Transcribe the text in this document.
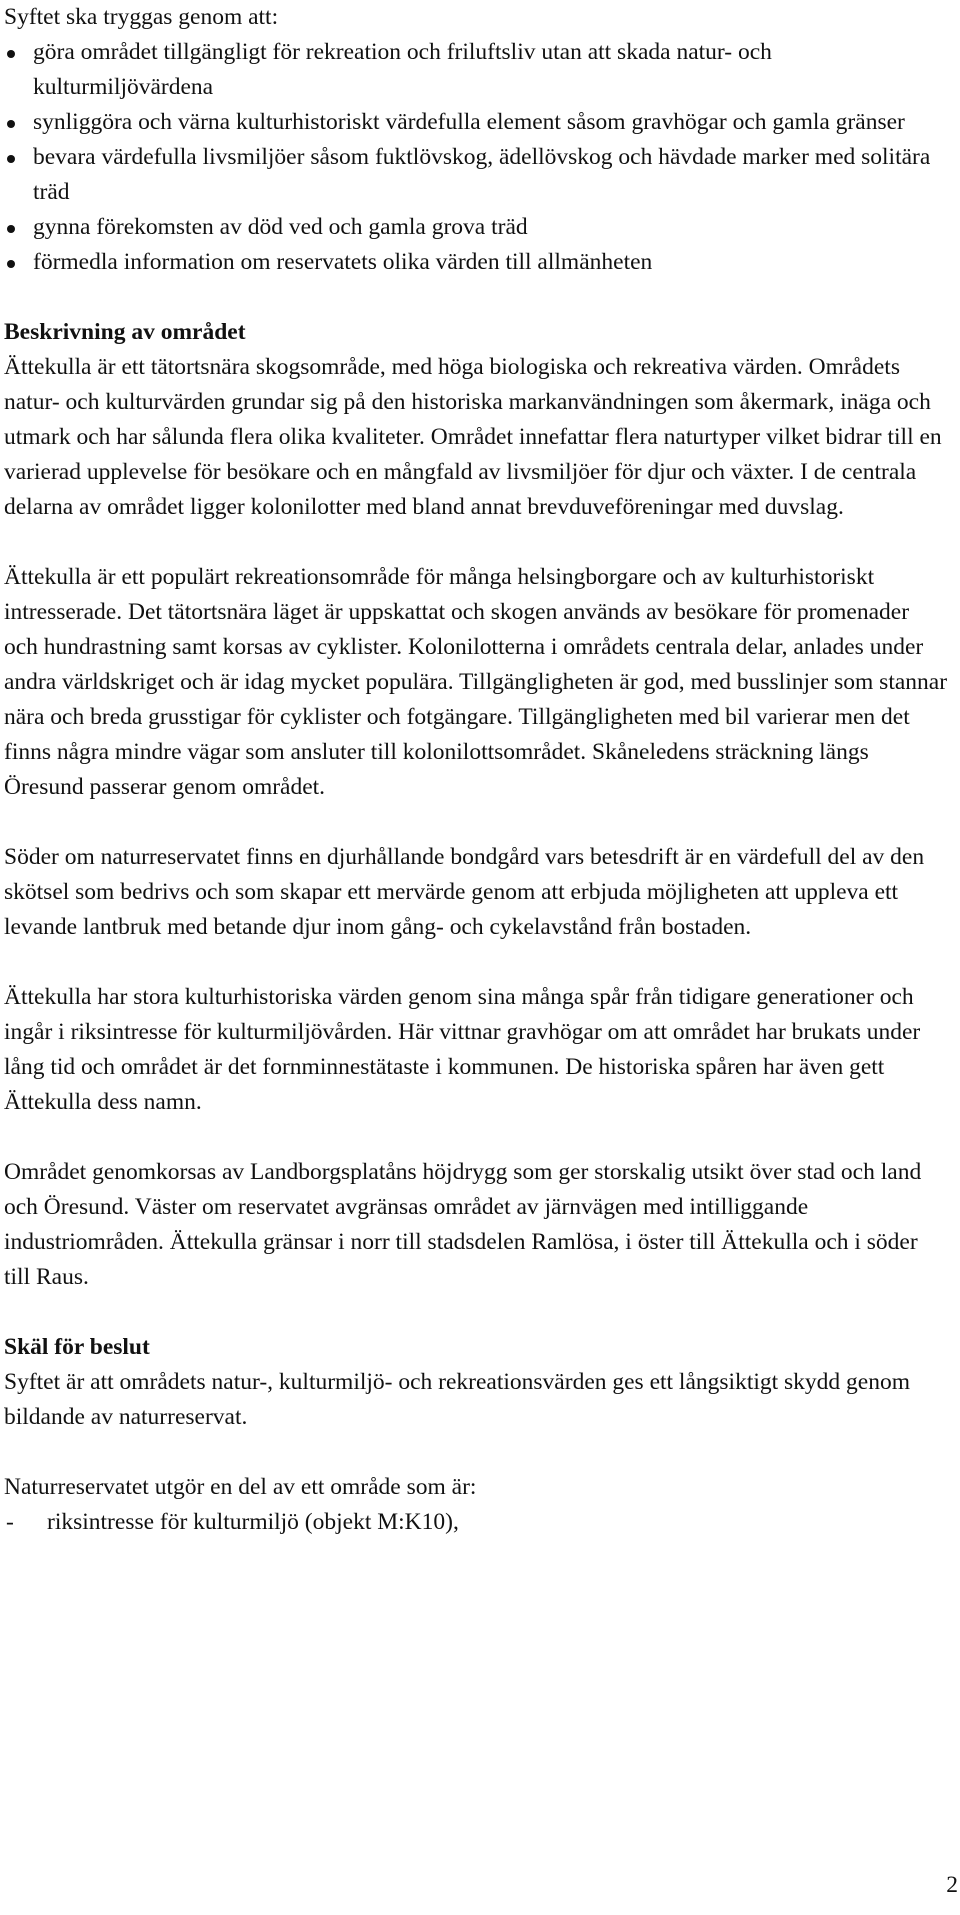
Syftet ska tryggas genom att:

göra området tillgängligt för rekreation och friluftsliv utan att skada natur- och kulturmiljövärdena
synliggöra och värna kulturhistoriskt värdefulla element såsom gravhögar och gamla gränser
bevara värdefulla livsmiljöer såsom fuktlövskog, ädellövskog och hävdade marker med solitära träd
gynna förekomsten av död ved och gamla grova träd
förmedla information om reservatets olika värden till allmänheten
Beskrivning av området

Ättekulla är ett tätortsnära skogsområde, med höga biologiska och rekreativa värden. Områdets natur- och kulturvärden grundar sig på den historiska markanvändningen som åkermark, inäga och utmark och har sålunda flera olika kvaliteter. Området innefattar flera naturtyper vilket bidrar till en varierad upplevelse för besökare och en mångfald av livsmiljöer för djur och växter. I de centrala delarna av området ligger kolonilotter med bland annat brevduveföreningar med duvslag.

Ättekulla är ett populärt rekreationsområde för många helsingborgare och av kulturhistoriskt intresserade. Det tätortsnära läget är uppskattat och skogen används av besökare för promenader och hundrastning samt korsas av cyklister. Kolonilotterna i områdets centrala delar, anlades under andra världskriget och är idag mycket populära. Tillgängligheten är god, med busslinjer som stannar nära och breda grusstigar för cyklister och fotgängare. Tillgängligheten med bil varierar men det finns några mindre vägar som ansluter till kolonilottsområdet. Skåneledens sträckning längs Öresund passerar genom området.

Söder om naturreservatet finns en djurhållande bondgård vars betesdrift är en värdefull del av den skötsel som bedrivs och som skapar ett mervärde genom att erbjuda möjligheten att uppleva ett levande lantbruk med betande djur inom gång- och cykelavstånd från bostaden.

Ättekulla har stora kulturhistoriska värden genom sina många spår från tidigare generationer och ingår i riksintresse för kulturmiljövården. Här vittnar gravhögar om att området har brukats under lång tid och området är det fornminnestätaste i kommunen. De historiska spåren har även gett Ättekulla dess namn.

Området genomkorsas av Landborgsplatåns höjdrygg som ger storskalig utsikt över stad och land och Öresund. Väster om reservatet avgränsas området av järnvägen med intilliggande industriområden. Ättekulla gränsar i norr till stadsdelen Ramlösa, i öster till Ättekulla och i söder till Raus.

Skäl för beslut

Syftet är att områdets natur-, kulturmiljö- och rekreationsvärden ges ett långsiktigt skydd genom bildande av naturreservat.

Naturreservatet utgör en del av ett område som är:

- riksintresse för kulturmiljö (objekt M:K10),
2
